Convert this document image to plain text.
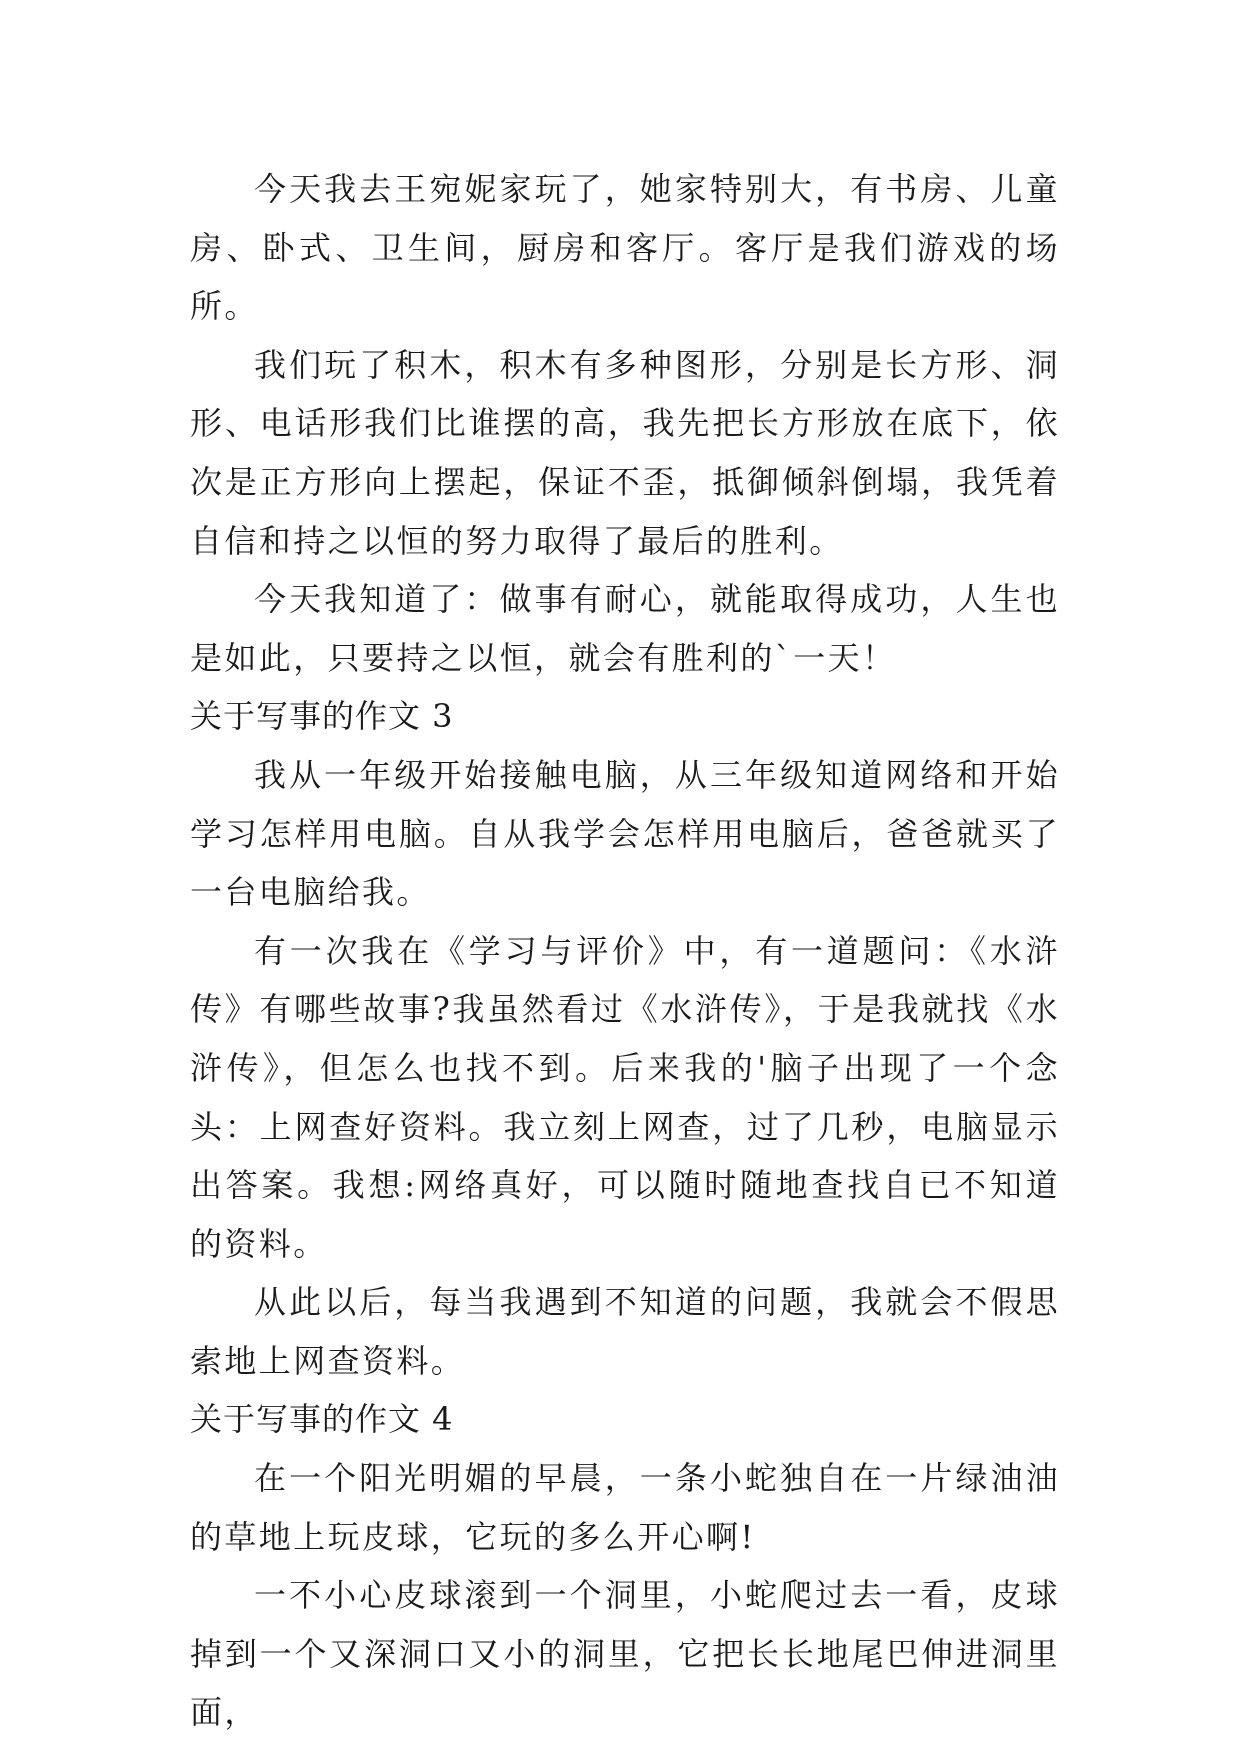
今天我去王宛妮家玩了，她家特别大，有书房、儿童房、卧式、卫生间，厨房和客厅。客厅是我们游戏的场所。

我们玩了积木，积木有多种图形，分别是长方形、洞形、电话形我们比谁摆的高，我先把长方形放在底下，依次是正方形向上摆起，保证不歪，抵御倾斜倒塌，我凭着自信和持之以恒的努力取得了最后的胜利。

今天我知道了：做事有耐心，就能取得成功，人生也是如此，只要持之以恒，就会有胜利的`一天！

关于写事的作文 3

我从一年级开始接触电脑，从三年级知道网络和开始学习怎样用电脑。自从我学会怎样用电脑后，爸爸就买了一台电脑给我。

有一次我在《学习与评价》中，有一道题问：《水浒传》有哪些故事?我虽然看过《水浒传》，于是我就找《水浒传》，但怎么也找不到。后来我的'脑子出现了一个念头：上网查好资料。我立刻上网查，过了几秒，电脑显示出答案。我想:网络真好，可以随时随地查找自已不知道的资料。

从此以后，每当我遇到不知道的问题，我就会不假思索地上网查资料。

关于写事的作文 4

在一个阳光明媚的早晨，一条小蛇独自在一片绿油油的草地上玩皮球，它玩的多么开心啊!

一不小心皮球滚到一个洞里，小蛇爬过去一看，皮球掉到一个又深洞口又小的洞里，它把长长地尾巴伸进洞里面，
